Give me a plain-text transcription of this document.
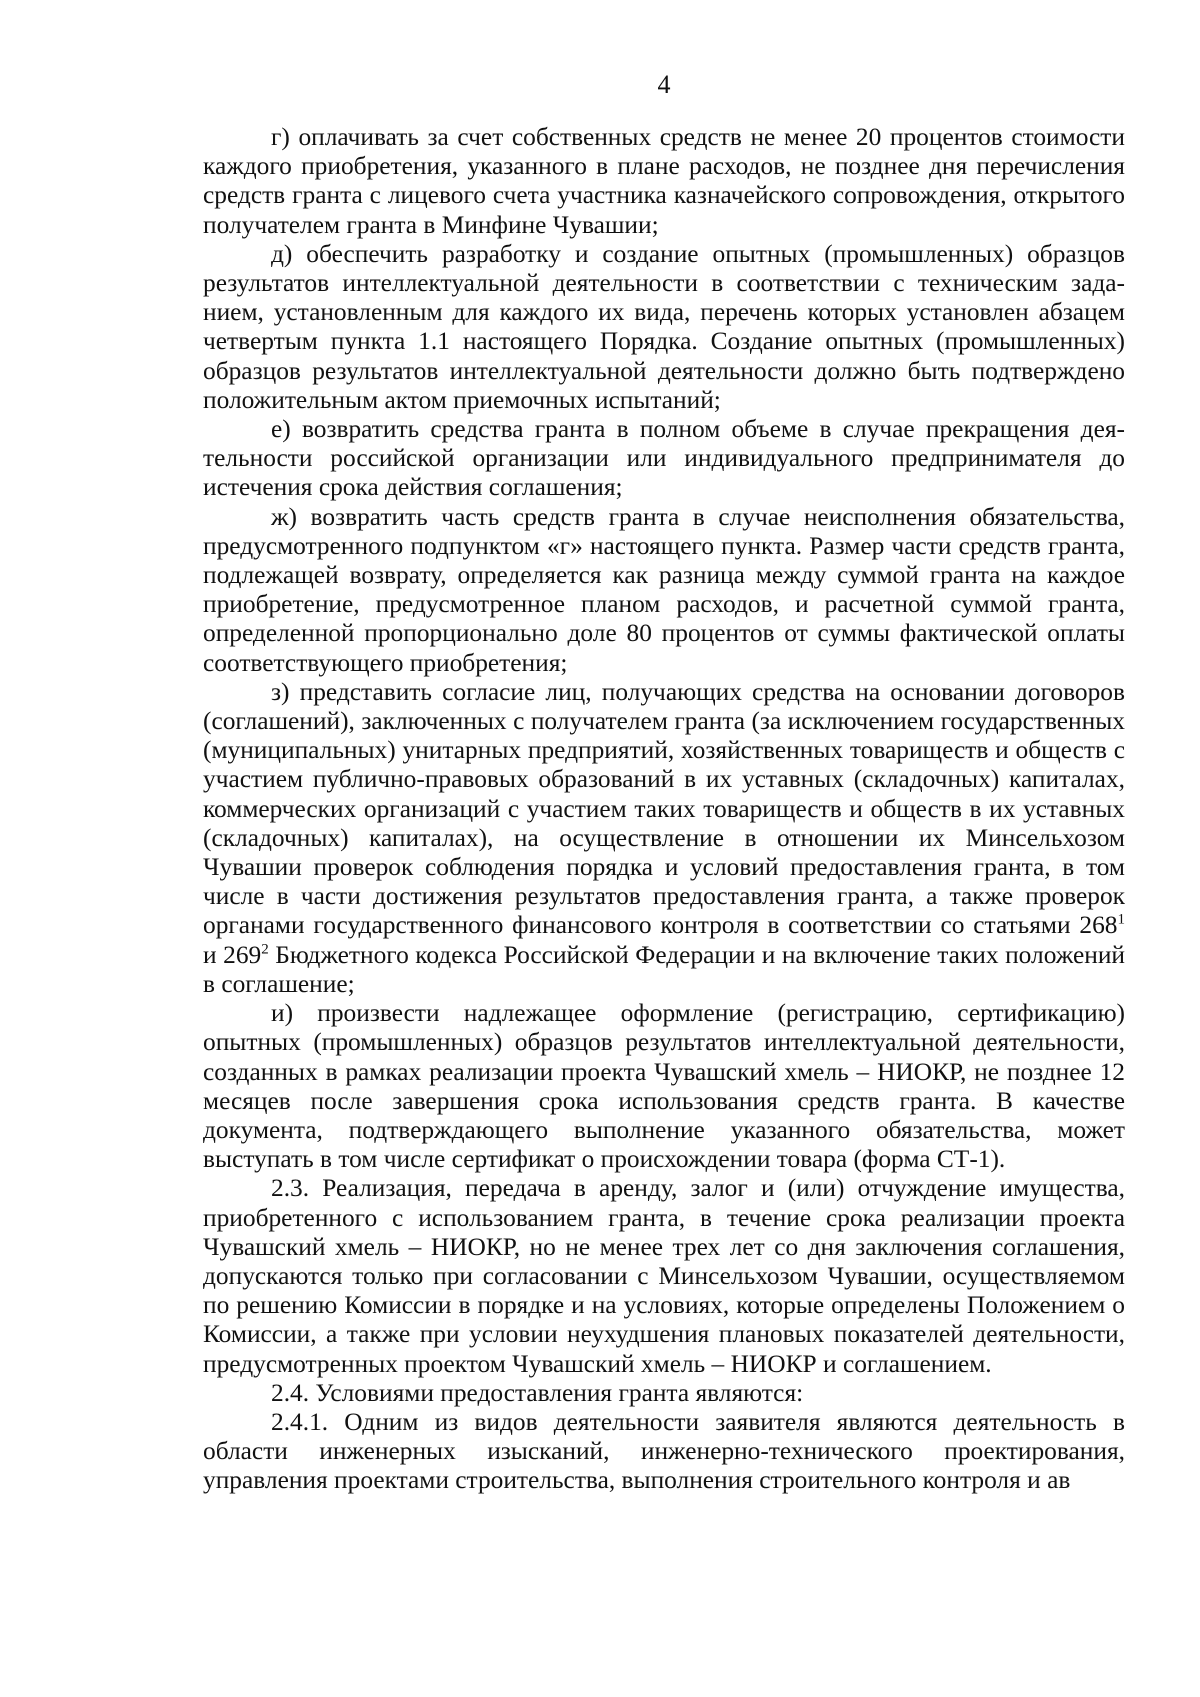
4

г) оплачивать за счет собственных средств не менее 20 процентов стоимости каждого приобретения, указанного в плане расходов, не позднее дня перечисления средств гранта с лицевого счета участника казначейского сопровождения, открытого получателем гранта в Минфине Чувашии;

д) обеспечить разработку и создание опытных (промышленных) образцов результатов интеллектуальной деятельности в соответствии с техническим заданием, установленным для каждого их вида, перечень которых установлен абзацем четвертым пункта 1.1 настоящего Порядка. Создание опытных (промышленных) образцов результатов интеллектуальной деятельности должно быть подтверждено положительным актом приемочных испытаний;

е) возвратить средства гранта в полном объеме в случае прекращения деятельности российской организации или индивидуального предпринимателя до истечения срока действия соглашения;

ж) возвратить часть средств гранта в случае неисполнения обязательства, предусмотренного подпунктом «г» настоящего пункта. Размер части средств гранта, подлежащей возврату, определяется как разница между суммой гранта на каждое приобретение, предусмотренное планом расходов, и расчетной суммой гранта, определенной пропорционально доле 80 процентов от суммы фактической оплаты соответствующего приобретения;

з) представить согласие лиц, получающих средства на основании договоров (соглашений), заключенных с получателем гранта (за исключением государственных (муниципальных) унитарных предприятий, хозяйственных товариществ и обществ с участием публично-правовых образований в их уставных (складочных) капиталах, коммерческих организаций с участием таких товариществ и обществ в их уставных (складочных) капиталах), на осуществление в отношении их Минсельхозом Чувашии проверок соблюдения порядка и условий предоставления гранта, в том числе в части достижения результатов предоставления гранта, а также проверок органами государственного финансового контроля в соответствии со статьями $268^1$ и $269^2$ Бюджетного кодекса Российской Федерации и на включение таких положений в соглашение;

и) произвести надлежащее оформление (регистрацию, сертификацию) опытных (промышленных) образцов результатов интеллектуальной деятельности, созданных в рамках реализации проекта Чувашский хмель – НИОКР, не позднее 12 месяцев после завершения срока использования средств гранта. В качестве документа, подтверждающего выполнение указанного обязательства, может выступать в том числе сертификат о происхождении товара (форма СТ-1).

2.3. Реализация, передача в аренду, залог и (или) отчуждение имущества, приобретенного с использованием гранта, в течение срока реализации проекта Чувашский хмель – НИОКР, но не менее трех лет со дня заключения соглашения, допускаются только при согласовании с Минсельхозом Чувашии, осуществляемом по решению Комиссии в порядке и на условиях, которые определены Положением о Комиссии, а также при условии неухудшения плановых показателей деятельности, предусмотренных проектом Чувашский хмель – НИОКР и соглашением.

2.4. Условиями предоставления гранта являются:

2.4.1. Одним из видов деятельности заявителя являются деятельность в области инженерных изысканий, инженерно-технического проектирования, управления проектами строительства, выполнения строительного контроля и ав
